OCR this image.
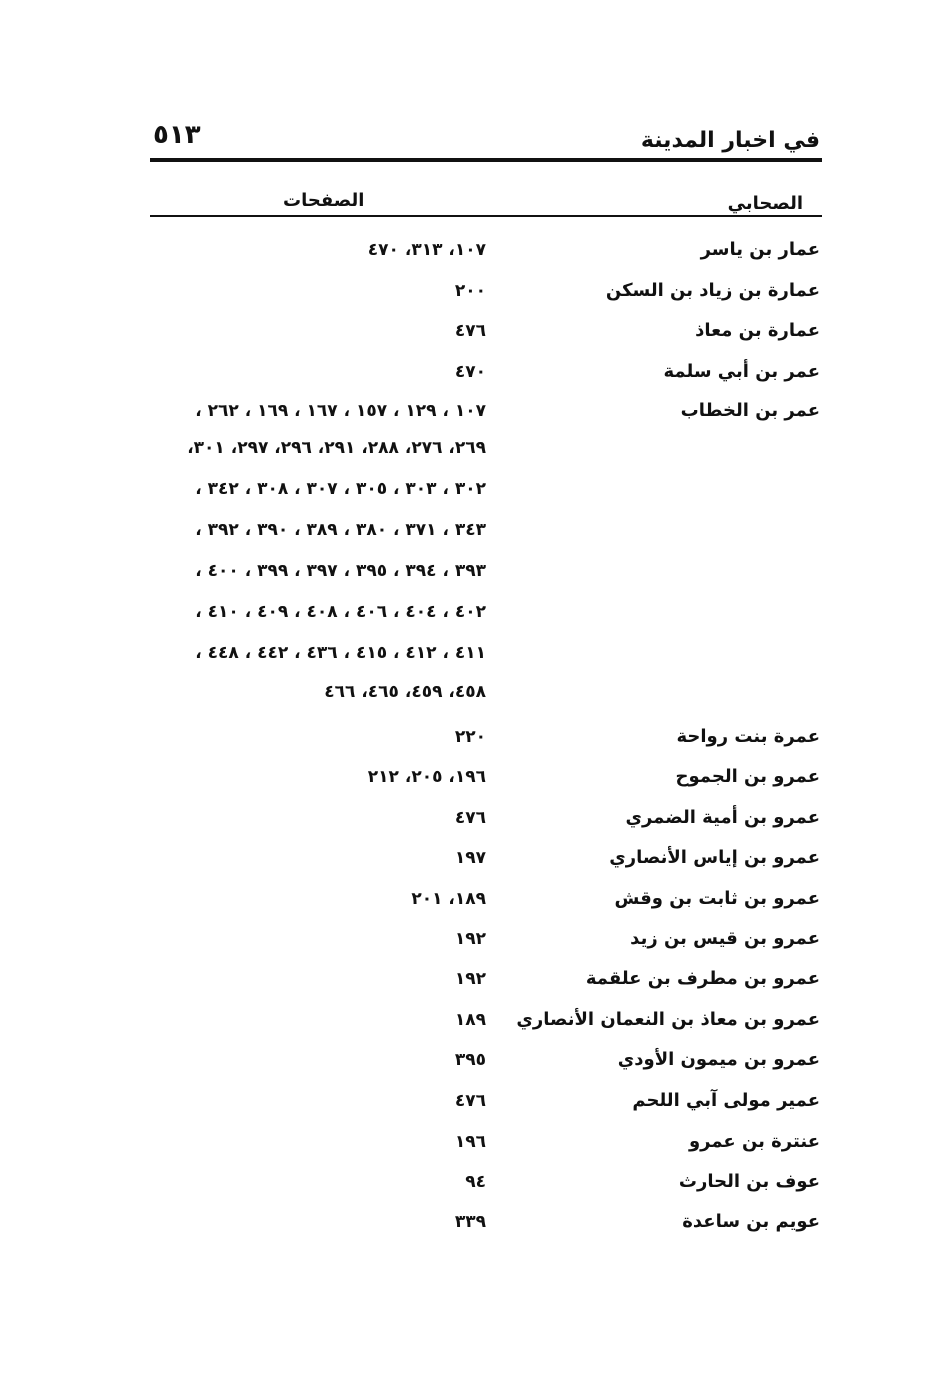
في اخبار المدينة
٥١٣
الصحابي
الصفحات
عمار بن ياسر
١٠٧، ٣١٣، ٤٧٠
عمارة بن زياد بن السكن
٢٠٠
عمارة بن معاذ
٤٧٦
عمر بن أبي سلمة
٤٧٠
عمر بن الخطاب
١٠٧ ، ١٢٩ ، ١٥٧ ، ١٦٧ ، ١٦٩ ، ٢٦٢ ،
٢٦٩، ٢٧٦، ٢٨٨، ٢٩١، ٢٩٦، ٢٩٧، ٣٠١،
٣٠٢ ، ٣٠٣ ، ٣٠٥ ، ٣٠٧ ، ٣٠٨ ، ٣٤٢ ،
٣٤٣ ، ٣٧١ ، ٣٨٠ ، ٣٨٩ ، ٣٩٠ ، ٣٩٢ ،
٣٩٣ ، ٣٩٤ ، ٣٩٥ ، ٣٩٧ ، ٣٩٩ ، ٤٠٠ ،
٤٠٢ ، ٤٠٤ ، ٤٠٦ ، ٤٠٨ ، ٤٠٩ ، ٤١٠ ،
٤١١ ، ٤١٢ ، ٤١٥ ، ٤٣٦ ، ٤٤٢ ، ٤٤٨ ،
٤٥٨، ٤٥٩، ٤٦٥، ٤٦٦
عمرة بنت رواحة
٢٢٠
عمرو بن الجموح
١٩٦، ٢٠٥، ٢١٢
عمرو بن أمية الضمري
٤٧٦
عمرو بن إياس الأنصاري
١٩٧
عمرو بن ثابت بن وقش
١٨٩، ٢٠١
عمرو بن قيس بن زيد
١٩٢
عمرو بن مطرف بن علقمة
١٩٢
عمرو بن معاذ بن النعمان الأنصاري
١٨٩
عمرو بن ميمون الأودي
٣٩٥
عمير مولى آبي اللحم
٤٧٦
عنترة بن عمرو
١٩٦
عوف بن الحارث
٩٤
عويم بن ساعدة
٣٣٩
